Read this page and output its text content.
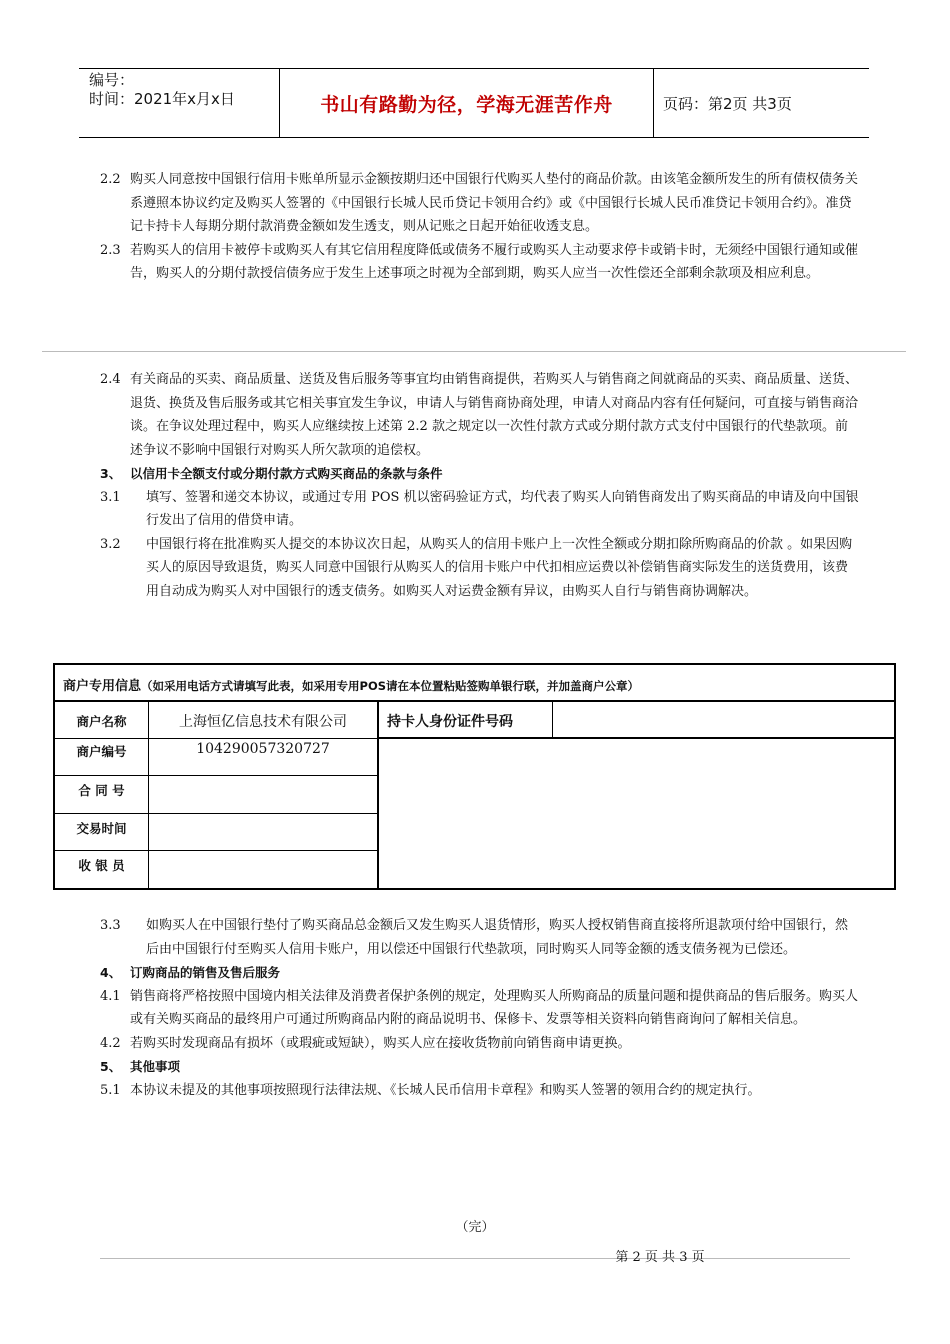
编号：
时间：2021年x月x日	书山有路勤为径，学海无涯苦作舟	页码：第2页 共3页
2.2 购买人同意按中国银行信用卡账单所显示金额按期归还中国银行代购买人垫付的商品价款。由该笔金额所发生的所有债权债务关系遵照本协议约定及购买人签署的《中国银行长城人民币贷记卡领用合约》或《中国银行长城人民币准贷记卡领用合约》。准贷记卡持卡人每期分期付款消费金额如发生透支，则从记账之日起开始征收透支息。
2.3 若购买人的信用卡被停卡或购买人有其它信用程度降低或债务不履行或购买人主动要求停卡或销卡时，无须经中国银行通知或催告，购买人的分期付款授信债务应于发生上述事项之时视为全部到期，购买人应当一次性偿还全部剩余款项及相应利息。
2.4 有关商品的买卖、商品质量、送货及售后服务等事宜均由销售商提供，若购买人与销售商之间就商品的买卖、商品质量、送货、退货、换货及售后服务或其它相关事宜发生争议，申请人与销售商协商处理，申请人对商品内容有任何疑问，可直接与销售商洽谈。在争议处理过程中，购买人应继续按上述第 2.2 款之规定以一次性付款方式或分期付款方式支付中国银行的代垫款项。前述争议不影响中国银行对购买人所欠款项的追偿权。
3、 以信用卡全额支付或分期付款方式购买商品的条款与条件
3.1	填写、签署和递交本协议，或通过专用 POS 机以密码验证方式，均代表了购买人向销售商发出了购买商品的申请及向中国银行发出了信用的借贷申请。
3.2	中国银行将在批准购买人提交的本协议次日起，从购买人的信用卡账户上一次性全额或分期扣除所购商品的价款 。如果因购买人的原因导致退货，购买人同意中国银行从购买人的信用卡账户中代扣相应运费以补偿销售商实际发生的送货费用，该费用自动成为购买人对中国银行的透支债务。如购买人对运费金额有异议，由购买人自行与销售商协调解决。
商户专用信息（如采用电话方式请填写此表，如采用专用POS请在本位置粘贴签购单银行联，并加盖商户公章）
商户名称	上海恒亿信息技术有限公司	持卡人身份证件号码
商户编号	104290057320727
合 同 号
交易时间
收 银 员
3.3	如购买人在中国银行垫付了购买商品总金额后又发生购买人退货情形，购买人授权销售商直接将所退款项付给中国银行，然后由中国银行付至购买人信用卡账户，用以偿还中国银行代垫款项，同时购买人同等金额的透支债务视为已偿还。
4、 订购商品的销售及售后服务
4.1 销售商将严格按照中国境内相关法律及消费者保护条例的规定，处理购买人所购商品的质量问题和提供商品的售后服务。购买人或有关购买商品的最终用户可通过所购商品内附的商品说明书、保修卡、发票等相关资料向销售商询问了解相关信息。
4.2 若购买时发现商品有损坏（或瑕疵或短缺），购买人应在接收货物前向销售商申请更换。
5、 其他事项
5.1 本协议未提及的其他事项按照现行法律法规、《长城人民币信用卡章程》和购买人签署的领用合约的规定执行。
（完）
第 2 页 共 3 页
